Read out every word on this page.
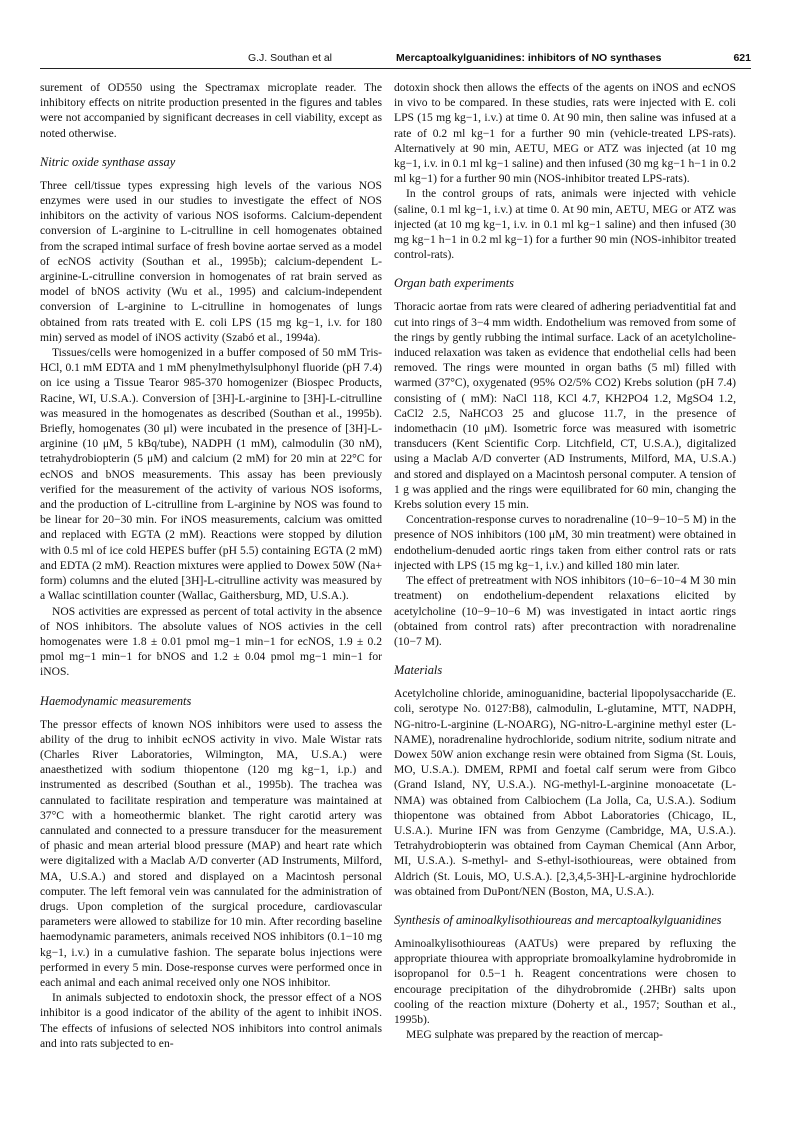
G.J. Southan et al	Mercaptoalkylguanidines: inhibitors of NO synthases	621

surement of OD550 using the Spectramax microplate reader. The inhibitory effects on nitrite production presented in the figures and tables were not accompanied by significant decreases in cell viability, except as noted otherwise.

Nitric oxide synthase assay

Three cell/tissue types expressing high levels of the various NOS enzymes were used in our studies to investigate the effect of NOS inhibitors on the activity of various NOS isoforms. Calcium-dependent conversion of L-arginine to L-citrulline in cell homogenates obtained from the scraped intimal surface of fresh bovine aortae served as a model of ecNOS activity (Southan et al., 1995b); calcium-dependent L-arginine-L-citrulline conversion in homogenates of rat brain served as model of bNOS activity (Wu et al., 1995) and calcium-independent conversion of L-arginine to L-citrulline in homogenates of lungs obtained from rats treated with E. coli LPS (15 mg kg−1, i.v. for 180 min) served as model of iNOS activity (Szabó et al., 1994a).

Tissues/cells were homogenized in a buffer composed of 50 mM Tris-HCl, 0.1 mM EDTA and 1 mM phenylmethylsulphonyl fluoride (pH 7.4) on ice using a Tissue Tearor 985-370 homogenizer (Biospec Products, Racine, WI, U.S.A.). Conversion of [3H]-L-arginine to [3H]-L-citrulline was measured in the homogenates as described (Southan et al., 1995b). Briefly, homogenates (30 μl) were incubated in the presence of [3H]-L-arginine (10 μM, 5 kBq/tube), NADPH (1 mM), calmodulin (30 nM), tetrahydrobiopterin (5 μM) and calcium (2 mM) for 20 min at 22°C for ecNOS and bNOS measurements. This assay has been previously verified for the measurement of the activity of various NOS isoforms, and the production of L-citrulline from L-arginine by NOS was found to be linear for 20−30 min. For iNOS measurements, calcium was omitted and replaced with EGTA (2 mM). Reactions were stopped by dilution with 0.5 ml of ice cold HEPES buffer (pH 5.5) containing EGTA (2 mM) and EDTA (2 mM). Reaction mixtures were applied to Dowex 50W (Na+ form) columns and the eluted [3H]-L-citrulline activity was measured by a Wallac scintillation counter (Wallac, Gaithersburg, MD, U.S.A.).

NOS activities are expressed as percent of total activity in the absence of NOS inhibitors. The absolute values of NOS activies in the cell homogenates were 1.8 ± 0.01 pmol mg−1 min−1 for ecNOS, 1.9 ± 0.2 pmol mg−1 min−1 for bNOS and 1.2 ± 0.04 pmol mg−1 min−1 for iNOS.

Haemodynamic measurements

The pressor effects of known NOS inhibitors were used to assess the ability of the drug to inhibit ecNOS activity in vivo. Male Wistar rats (Charles River Laboratories, Wilmington, MA, U.S.A.) were anaesthetized with sodium thiopentone (120 mg kg−1, i.p.) and instrumented as described (Southan et al., 1995b). The trachea was cannulated to facilitate respiration and temperature was maintained at 37°C with a homeothermic blanket. The right carotid artery was cannulated and connected to a pressure transducer for the measurement of phasic and mean arterial blood pressure (MAP) and heart rate which were digitalized with a Maclab A/D converter (AD Instruments, Milford, MA, U.S.A.) and stored and displayed on a Macintosh personal computer. The left femoral vein was cannulated for the administration of drugs. Upon completion of the surgical procedure, cardiovascular parameters were allowed to stabilize for 10 min. After recording baseline haemodynamic parameters, animals received NOS inhibitors (0.1−10 mg kg−1, i.v.) in a cumulative fashion. The separate bolus injections were performed in every 5 min. Dose-response curves were performed once in each animal and each animal received only one NOS inhibitor.

In animals subjected to endotoxin shock, the pressor effect of a NOS inhibitor is a good indicator of the ability of the agent to inhibit iNOS. The effects of infusions of selected NOS inhibitors into control animals and into rats subjected to en-

dotoxin shock then allows the effects of the agents on iNOS and ecNOS in vivo to be compared. In these studies, rats were injected with E. coli LPS (15 mg kg−1, i.v.) at time 0. At 90 min, then saline was infused at a rate of 0.2 ml kg−1 for a further 90 min (vehicle-treated LPS-rats). Alternatively at 90 min, AETU, MEG or ATZ was injected (at 10 mg kg−1, i.v. in 0.1 ml kg−1 saline) and then infused (30 mg kg−1 h−1 in 0.2 ml kg−1) for a further 90 min (NOS-inhibitor treated LPS-rats).

In the control groups of rats, animals were injected with vehicle (saline, 0.1 ml kg−1, i.v.) at time 0. At 90 min, AETU, MEG or ATZ was injected (at 10 mg kg−1, i.v. in 0.1 ml kg−1 saline) and then infused (30 mg kg−1 h−1 in 0.2 ml kg−1) for a further 90 min (NOS-inhibitor treated control-rats).

Organ bath experiments

Thoracic aortae from rats were cleared of adhering periadventitial fat and cut into rings of 3−4 mm width. Endothelium was removed from some of the rings by gently rubbing the intimal surface. Lack of an acetylcholine-induced relaxation was taken as evidence that endothelial cells had been removed. The rings were mounted in organ baths (5 ml) filled with warmed (37°C), oxygenated (95% O2/5% CO2) Krebs solution (pH 7.4) consisting of ( mM): NaCl 118, KCl 4.7, KH2PO4 1.2, MgSO4 1.2, CaCl2 2.5, NaHCO3 25 and glucose 11.7, in the presence of indomethacin (10 μM). Isometric force was measured with isometric transducers (Kent Scientific Corp. Litchfield, CT, U.S.A.), digitalized using a Maclab A/D converter (AD Instruments, Milford, MA, U.S.A.) and stored and displayed on a Macintosh personal computer. A tension of 1 g was applied and the rings were equilibrated for 60 min, changing the Krebs solution every 15 min.

Concentration-response curves to noradrenaline (10−9−10−5 M) in the presence of NOS inhibitors (100 μM, 30 min treatment) were obtained in endothelium-denuded aortic rings taken from either control rats or rats injected with LPS (15 mg kg−1, i.v.) and killed 180 min later.

The effect of pretreatment with NOS inhibitors (10−6−10−4 M 30 min treatment) on endothelium-dependent relaxations elicited by acetylcholine (10−9−10−6 M) was investigated in intact aortic rings (obtained from control rats) after precontraction with noradrenaline (10−7 M).

Materials

Acetylcholine chloride, aminoguanidine, bacterial lipopolysaccharide (E. coli, serotype No. 0127:B8), calmodulin, L-glutamine, MTT, NADPH, NG-nitro-L-arginine (L-NOARG), NG-nitro-L-arginine methyl ester (L-NAME), noradrenaline hydrochloride, sodium nitrite, sodium nitrate and Dowex 50W anion exchange resin were obtained from Sigma (St. Louis, MO, U.S.A.). DMEM, RPMI and foetal calf serum were from Gibco (Grand Island, NY, U.S.A.). NG-methyl-L-arginine monoacetate (L-NMA) was obtained from Calbiochem (La Jolla, Ca, U.S.A.). Sodium thiopentone was obtained from Abbot Laboratories (Chicago, IL, U.S.A.). Murine IFN was from Genzyme (Cambridge, MA, U.S.A.). Tetrahydrobiopterin was obtained from Cayman Chemical (Ann Arbor, MI, U.S.A.). S-methyl- and S-ethyl-isothioureas, were obtained from Aldrich (St. Louis, MO, U.S.A.). [2,3,4,5-3H]-L-arginine hydrochloride was obtained from DuPont/NEN (Boston, MA, U.S.A.).

Synthesis of aminoalkylisothioureas and mercaptoalkylguanidines

Aminoalkylisothioureas (AATUs) were prepared by refluxing the appropriate thiourea with appropriate bromoalkylamine hydrobromide in isopropanol for 0.5−1 h. Reagent concentrations were chosen to encourage precipitation of the dihydrobromide (.2HBr) salts upon cooling of the reaction mixture (Doherty et al., 1957; Southan et al., 1995b).

MEG sulphate was prepared by the reaction of mercap-
